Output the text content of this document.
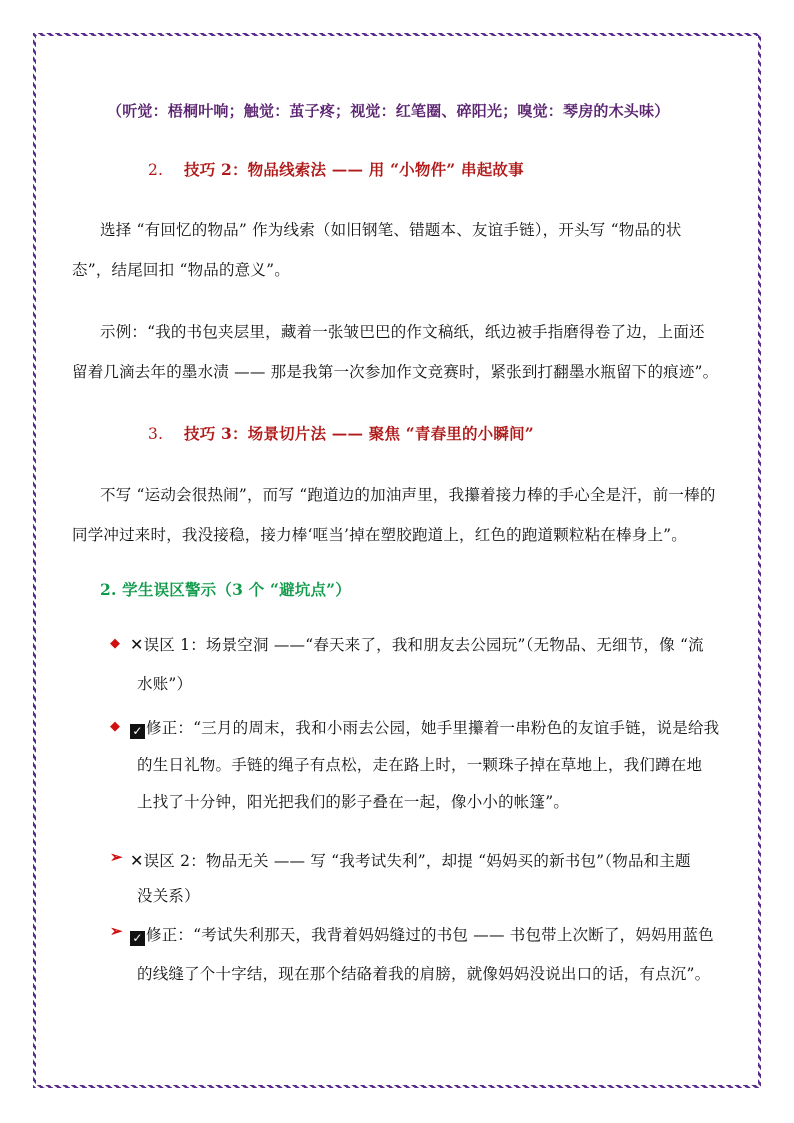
（听觉：梧桐叶响；触觉：茧子疼；视觉：红笔圈、碎阳光；嗅觉：琴房的木头味）
2. 技巧 2：物品线索法 —— 用 “小物件” 串起故事
选择 “有回忆的物品” 作为线索（如旧钢笔、错题本、友谊手链），开头写 “物品的状
态”，结尾回扣 “物品的意义”。
示例：“我的书包夹层里，藏着一张皱巴巴的作文稿纸，纸边被手指磨得卷了边，上面还
留着几滴去年的墨水渍 —— 那是我第一次参加作文竞赛时，紧张到打翻墨水瓶留下的痕迹”。
3. 技巧 3：场景切片法 —— 聚焦 “青春里的小瞬间”
不写 “运动会很热闹”，而写 “跑道边的加油声里，我攥着接力棒的手心全是汗，前一棒的
同学冲过来时，我没接稳，接力棒‘哐当’掉在塑胶跑道上，红色的跑道颗粒粘在棒身上”。
2. 学生误区警示（3 个 “避坑点”）
◆ ✕误区 1：场景空洞 ——“春天来了，我和朋友去公园玩”（无物品、无细节，像 “流
水账”）
◆ ✓ 修正：“三月的周末，我和小雨去公园，她手里攥着一串粉色的友谊手链，说是给我
的生日礼物。手链的绳子有点松，走在路上时，一颗珠子掉在草地上，我们蹲在地
上找了十分钟，阳光把我们的影子叠在一起，像小小的帐篷”。
➢ ✕误区 2：物品无关 —— 写 “我考试失利”，却提 “妈妈买的新书包”（物品和主题
没关系）
➢ ✓ 修正：“考试失利那天，我背着妈妈缝过的书包 —— 书包带上次断了，妈妈用蓝色
的线缝了个十字结，现在那个结硌着我的肩膀，就像妈妈没说出口的话，有点沉”。
